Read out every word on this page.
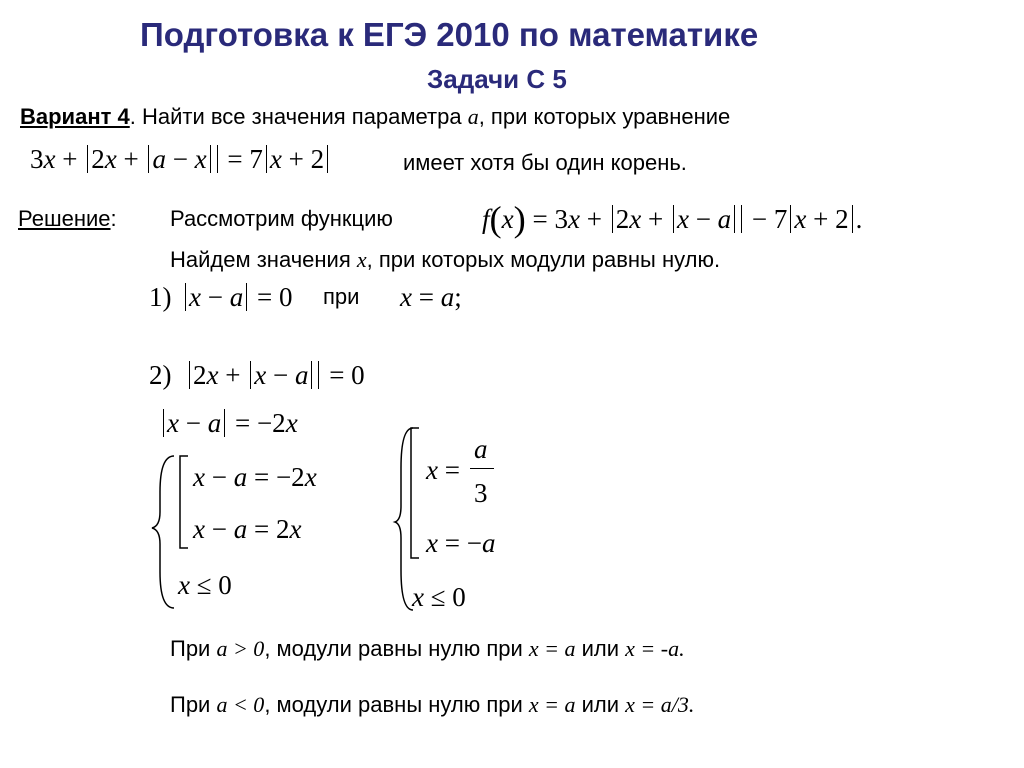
Подготовка к ЕГЭ 2010 по математике
Задачи С 5
Вариант 4. Найти все значения параметра a, при которых уравнение
3x + 2x + a − x = 7 x + 2	имеет хотя бы один корень.
Решение: Рассмотрим функцию	f(x) = 3x + 2x + x − a − 7 x + 2 .
Найдем значения x, при которых модули равны нулю.
1) x − a = 0 при x = a;
2) 2x + x − a = 0
x − a = −2x
x − a = −2x
x − a = 2x
x ≤ 0
x =
a
3
x = −a
x ≤ 0
При a > 0, модули равны нулю при x = a или x = -a.
При a < 0, модули равны нулю при x = a или x = a/3.
